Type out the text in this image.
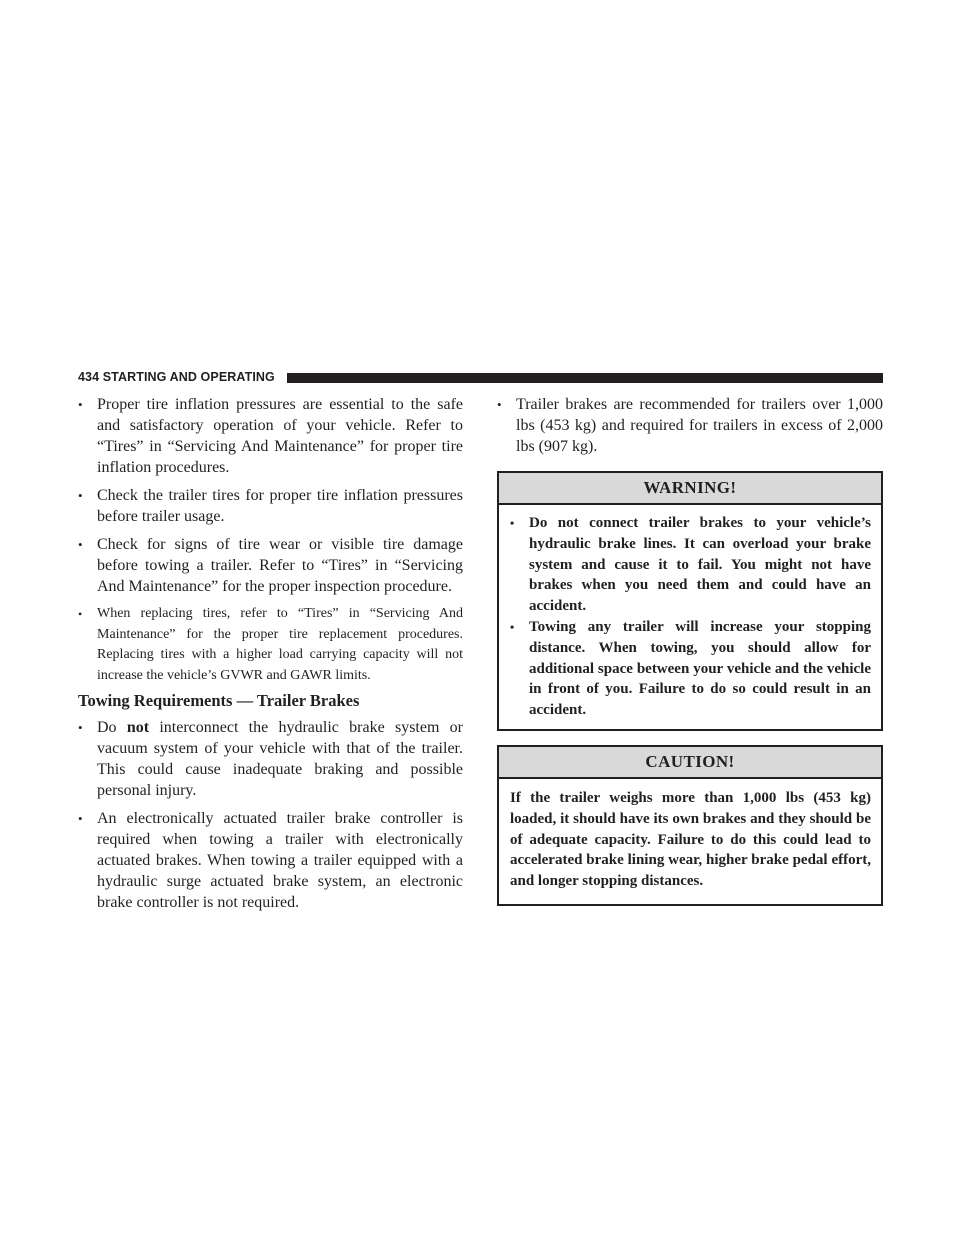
434 STARTING AND OPERATING
• Proper tire inflation pressures are essential to the safe and satisfactory operation of your vehicle. Refer to “Tires” in “Servicing And Maintenance” for proper tire inflation procedures.
• Check the trailer tires for proper tire inflation pressures before trailer usage.
• Check for signs of tire wear or visible tire damage before towing a trailer. Refer to “Tires” in “Servicing And Maintenance” for the proper inspection procedure.
• When replacing tires, refer to “Tires” in “Servicing And Maintenance” for the proper tire replacement procedures. Replacing tires with a higher load carrying capacity will not increase the vehicle’s GVWR and GAWR limits.
Towing Requirements — Trailer Brakes
• Do not interconnect the hydraulic brake system or vacuum system of your vehicle with that of the trailer. This could cause inadequate braking and possible personal injury.
• An electronically actuated trailer brake controller is required when towing a trailer with electronically actuated brakes. When towing a trailer equipped with a hydraulic surge actuated brake system, an electronic brake controller is not required.
• Trailer brakes are recommended for trailers over 1,000 lbs (453 kg) and required for trailers in excess of 2,000 lbs (907 kg).
WARNING!
• Do not connect trailer brakes to your vehicle’s hydraulic brake lines. It can overload your brake system and cause it to fail. You might not have brakes when you need them and could have an accident.
• Towing any trailer will increase your stopping distance. When towing, you should allow for additional space between your vehicle and the vehicle in front of you. Failure to do so could result in an accident.
CAUTION!
If the trailer weighs more than 1,000 lbs (453 kg) loaded, it should have its own brakes and they should be of adequate capacity. Failure to do this could lead to accelerated brake lining wear, higher brake pedal effort, and longer stopping distances.
